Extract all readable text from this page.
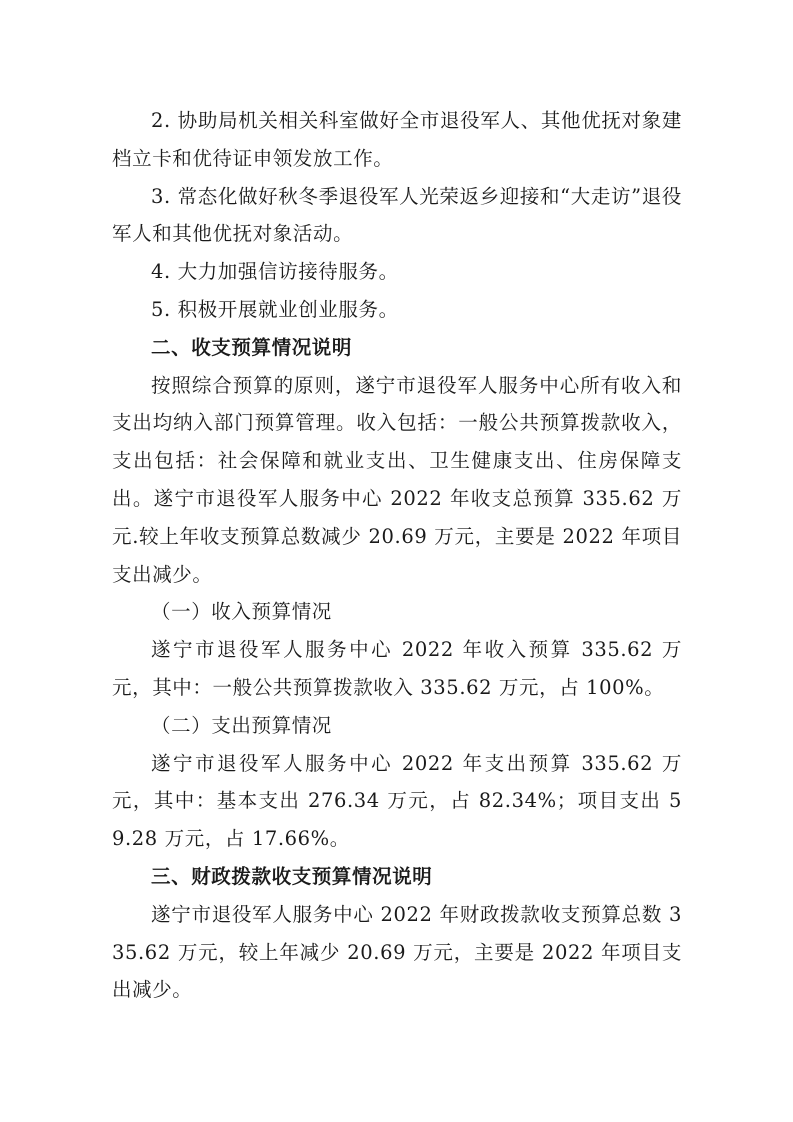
2. 协助局机关相关科室做好全市退役军人、其他优抚对象建档立卡和优待证申领发放工作。

3. 常态化做好秋冬季退役军人光荣返乡迎接和“大走访”退役军人和其他优抚对象活动。

4. 大力加强信访接待服务。

5. 积极开展就业创业服务。

二、收支预算情况说明

按照综合预算的原则，遂宁市退役军人服务中心所有收入和支出均纳入部门预算管理。收入包括：一般公共预算拨款收入，支出包括：社会保障和就业支出、卫生健康支出、住房保障支出。遂宁市退役军人服务中心 2022 年收支总预算 335.62 万元.较上年收支预算总数减少 20.69 万元，主要是 2022 年项目支出减少。

（一）收入预算情况

遂宁市退役军人服务中心 2022 年收入预算 335.62 万元，其中：一般公共预算拨款收入 335.62 万元，占 100%。

（二）支出预算情况

遂宁市退役军人服务中心 2022 年支出预算 335.62 万元，其中：基本支出 276.34 万元，占 82.34%；项目支出 59.28 万元，占 17.66%。

三、财政拨款收支预算情况说明

遂宁市退役军人服务中心 2022 年财政拨款收支预算总数 335.62 万元，较上年减少 20.69 万元，主要是 2022 年项目支出减少。
